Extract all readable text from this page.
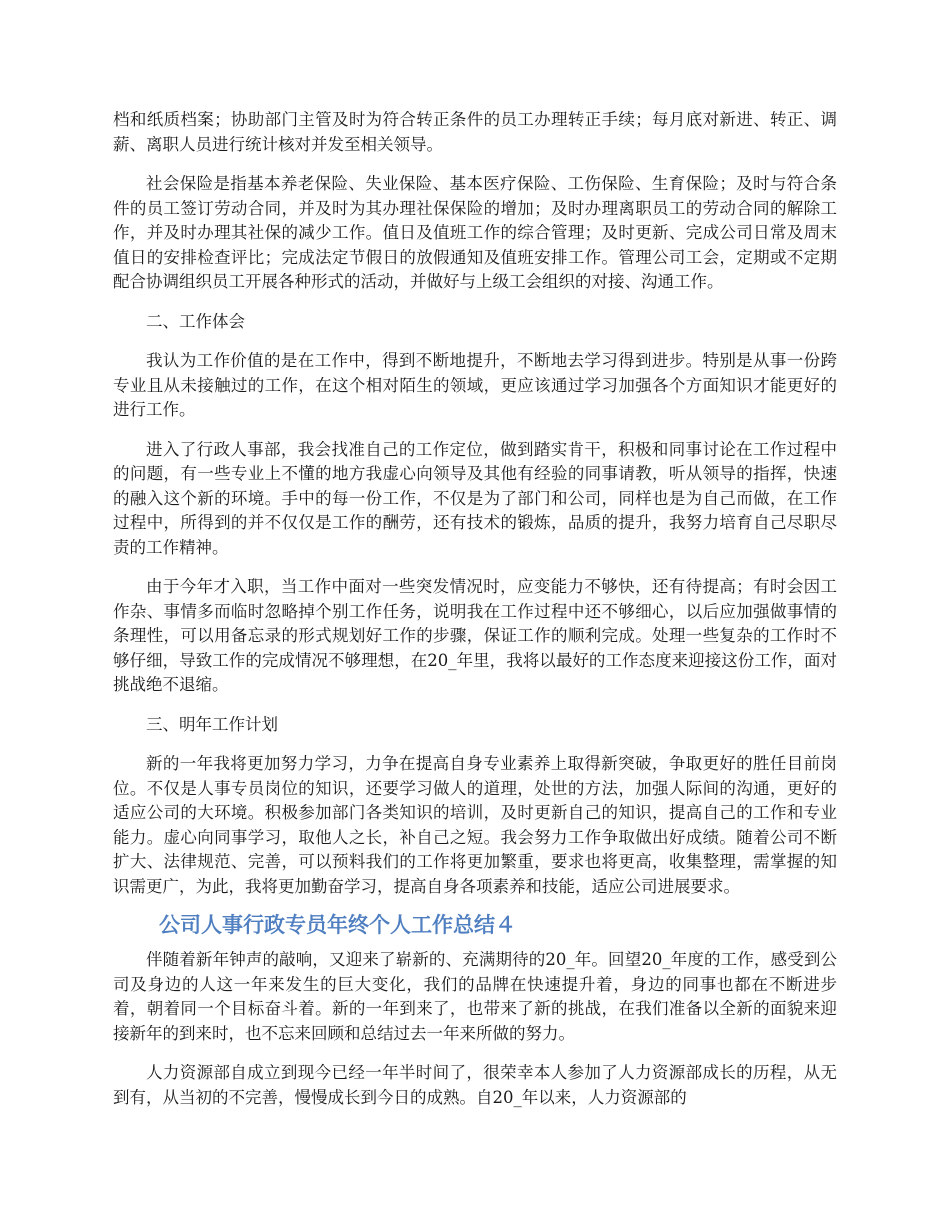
档和纸质档案；协助部门主管及时为符合转正条件的员工办理转正手续；每月底对新进、转正、调薪、离职人员进行统计核对并发至相关领导。

社会保险是指基本养老保险、失业保险、基本医疗保险、工伤保险、生育保险；及时与符合条件的员工签订劳动合同，并及时为其办理社保保险的增加；及时办理离职员工的劳动合同的解除工作，并及时办理其社保的减少工作。值日及值班工作的综合管理；及时更新、完成公司日常及周末值日的安排检查评比；完成法定节假日的放假通知及值班安排工作。管理公司工会，定期或不定期配合协调组织员工开展各种形式的活动，并做好与上级工会组织的对接、沟通工作。

二、工作体会

我认为工作价值的是在工作中，得到不断地提升，不断地去学习得到进步。特别是从事一份跨专业且从未接触过的工作，在这个相对陌生的领域，更应该通过学习加强各个方面知识才能更好的进行工作。

进入了行政人事部，我会找准自己的工作定位，做到踏实肯干，积极和同事讨论在工作过程中的问题，有一些专业上不懂的地方我虚心向领导及其他有经验的同事请教，听从领导的指挥，快速的融入这个新的环境。手中的每一份工作，不仅是为了部门和公司，同样也是为自己而做，在工作过程中，所得到的并不仅仅是工作的酬劳，还有技术的锻炼，品质的提升，我努力培育自己尽职尽责的工作精神。

由于今年才入职，当工作中面对一些突发情况时，应变能力不够快，还有待提高；有时会因工作杂、事情多而临时忽略掉个别工作任务，说明我在工作过程中还不够细心，以后应加强做事情的条理性，可以用备忘录的形式规划好工作的步骤，保证工作的顺利完成。处理一些复杂的工作时不够仔细，导致工作的完成情况不够理想，在20_年里，我将以最好的工作态度来迎接这份工作，面对挑战绝不退缩。

三、明年工作计划

新的一年我将更加努力学习，力争在提高自身专业素养上取得新突破，争取更好的胜任目前岗位。不仅是人事专员岗位的知识，还要学习做人的道理，处世的方法，加强人际间的沟通，更好的适应公司的大环境。积极参加部门各类知识的培训，及时更新自己的知识，提高自己的工作和专业能力。虚心向同事学习，取他人之长，补自己之短。我会努力工作争取做出好成绩。随着公司不断扩大、法律规范、完善，可以预料我们的工作将更加繁重，要求也将更高，收集整理，需掌握的知识需更广，为此，我将更加勤奋学习，提高自身各项素养和技能，适应公司进展要求。

公司人事行政专员年终个人工作总结４

伴随着新年钟声的敲响，又迎来了崭新的、充满期待的20_年。回望20_年度的工作，感受到公司及身边的人这一年来发生的巨大变化，我们的品牌在快速提升着，身边的同事也都在不断进步着，朝着同一个目标奋斗着。新的一年到来了，也带来了新的挑战，在我们准备以全新的面貌来迎接新年的到来时，也不忘来回顾和总结过去一年来所做的努力。

人力资源部自成立到现今已经一年半时间了，很荣幸本人参加了人力资源部成长的历程，从无到有，从当初的不完善，慢慢成长到今日的成熟。自20_年以来，人力资源部的
